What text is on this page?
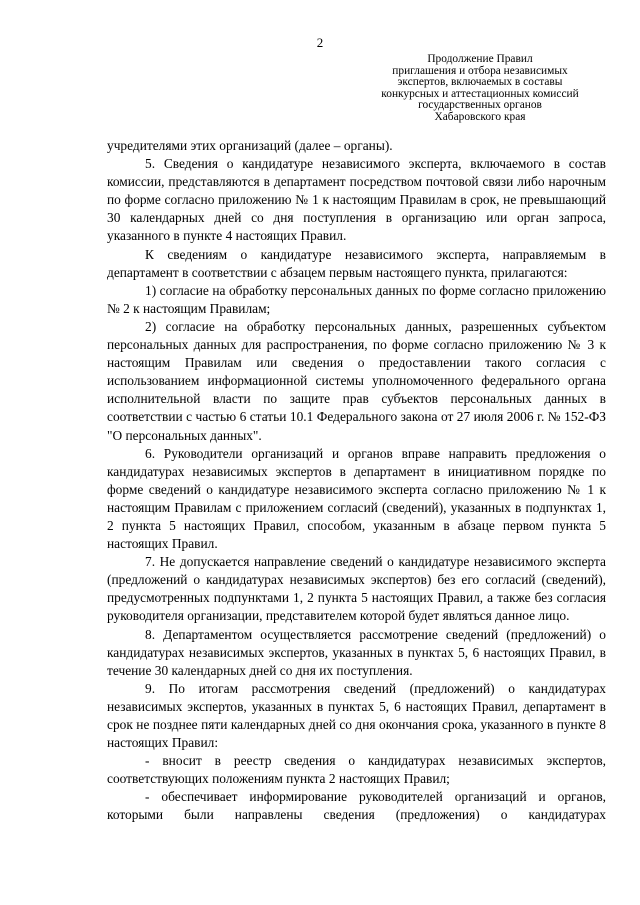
2
Продолжение Правил
приглашения и отбора независимых
экспертов, включаемых в составы
конкурсных и аттестационных комиссий
государственных органов
Хабаровского края

учредителями этих организаций (далее – органы).

5. Сведения о кандидатуре независимого эксперта, включаемого в состав комиссии, представляются в департамент посредством почтовой связи либо нарочным по форме согласно приложению № 1 к настоящим Правилам в срок, не превышающий 30 календарных дней со дня поступления в организацию или орган запроса, указанного в пункте 4 настоящих Правил.

К сведениям о кандидатуре независимого эксперта, направляемым в департамент в соответствии с абзацем первым настоящего пункта, прилагаются:

1) согласие на обработку персональных данных по форме согласно приложению № 2 к настоящим Правилам;

2) согласие на обработку персональных данных, разрешенных субъектом персональных данных для распространения, по форме согласно приложению № 3 к настоящим Правилам или сведения о предоставлении такого согласия с использованием информационной системы уполномоченного федерального органа исполнительной власти по защите прав субъектов персональных данных в соответствии с частью 6 статьи 10.1 Федерального закона от 27 июля 2006 г. № 152-ФЗ "О персональных данных".

6. Руководители организаций и органов вправе направить предложения о кандидатурах независимых экспертов в департамент в инициативном порядке по форме сведений о кандидатуре независимого эксперта согласно приложению № 1 к настоящим Правилам с приложением согласий (сведений), указанных в подпунктах 1, 2 пункта 5 настоящих Правил, способом, указанным в абзаце первом пункта 5 настоящих Правил.

7. Не допускается направление сведений о кандидатуре независимого эксперта (предложений о кандидатурах независимых экспертов) без его согласий (сведений), предусмотренных подпунктами 1, 2 пункта 5 настоящих Правил, а также без согласия руководителя организации, представителем которой будет являться данное лицо.

8. Департаментом осуществляется рассмотрение сведений (предложений) о кандидатурах независимых экспертов, указанных в пунктах 5, 6 настоящих Правил, в течение 30 календарных дней со дня их поступления.

9. По итогам рассмотрения сведений (предложений) о кандидатурах независимых экспертов, указанных в пунктах 5, 6 настоящих Правил, департамент в срок не позднее пяти календарных дней со дня окончания срока, указанного в пункте 8 настоящих Правил:

- вносит в реестр сведения о кандидатурах независимых экспертов, соответствующих положениям пункта 2 настоящих Правил;

- обеспечивает информирование руководителей организаций и органов, которыми были направлены сведения (предложения) о кандидатурах
